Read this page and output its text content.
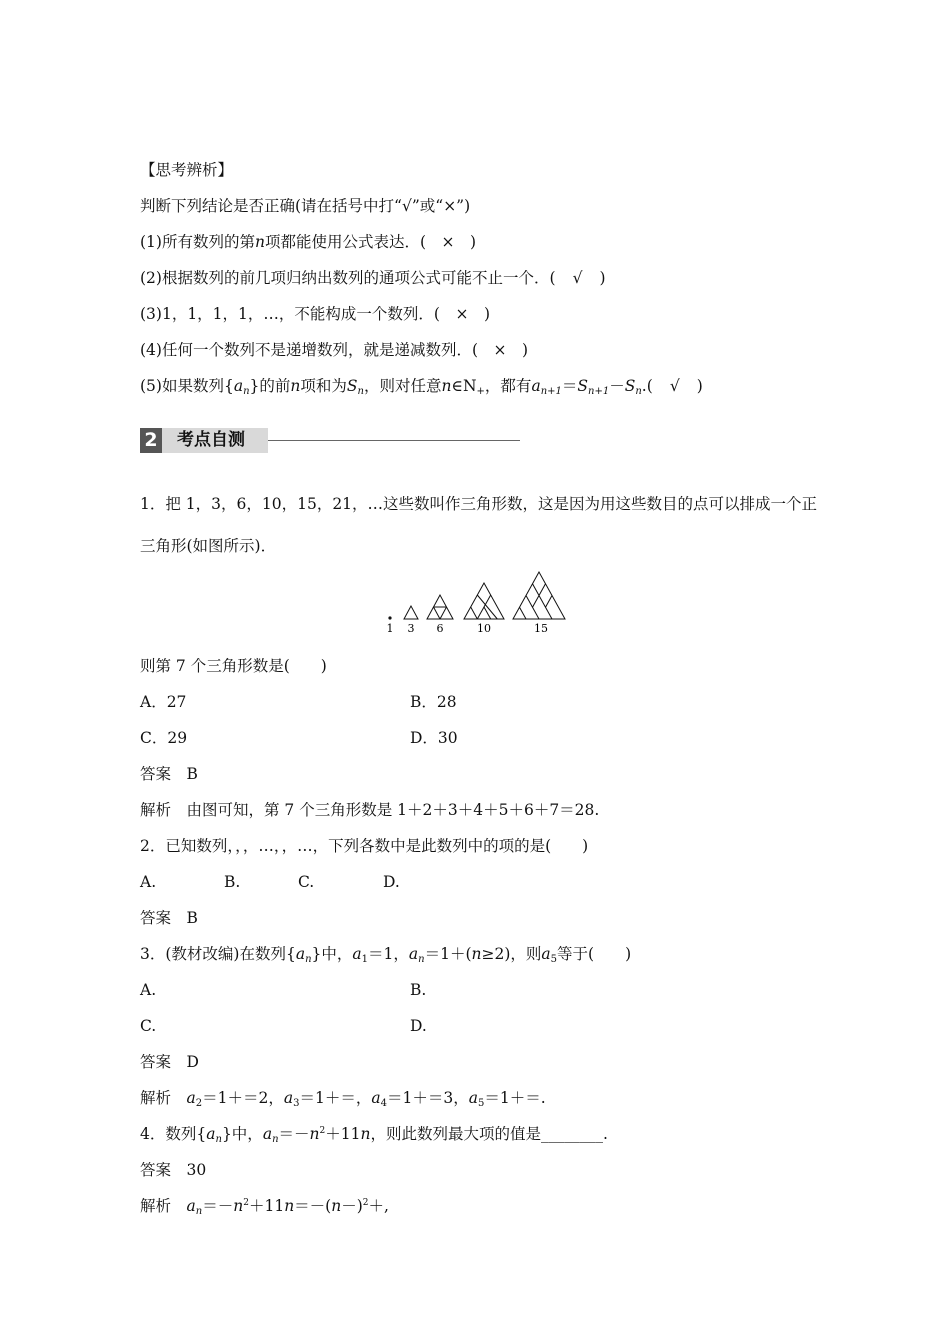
【思考辨析】
判断下列结论是否正确(请在括号中打“√”或“×”)
(1)所有数列的第n项都能使用公式表达．( × )
(2)根据数列的前几项归纳出数列的通项公式可能不止一个．( √ )
(3)1，1，1，1，…，不能构成一个数列．( × )
(4)任何一个数列不是递增数列，就是递减数列．( × )
(5)如果数列{an}的前n项和为Sn，则对任意n∈N+，都有an+1＝Sn+1－Sn.( √ )
2 考点自测
1．把 1，3，6，10，15，21，…这些数叫作三角形数，这是因为用这些数目的点可以排成一个正
三角形(如图所示)．
1 3 6	10	15
则第 7 个三角形数是(　　)
A．27	B．28
C．29	D．30
答案　B
解析　由图可知，第 7 个三角形数是 1＋2＋3＋4＋5＋6＋7＝28.
2．已知数列，，，…，，…，下列各数中是此数列中的项的是(　　)
A.	B.	C.	D.
答案　B
3．(教材改编)在数列{an}中，a1＝1，an＝1＋(n≥2)，则a5等于(　　)
A.	B.
C.	D.
答案　D
解析　a2＝1＋＝2，a3＝1＋＝，a4＝1＋＝3，a5＝1＋＝.
4．数列{an}中，$an=-n^2+11n$，则此数列最大项的值是________.
答案　30
解析　$an=-n^2+11n=-(n-)^2+$,
